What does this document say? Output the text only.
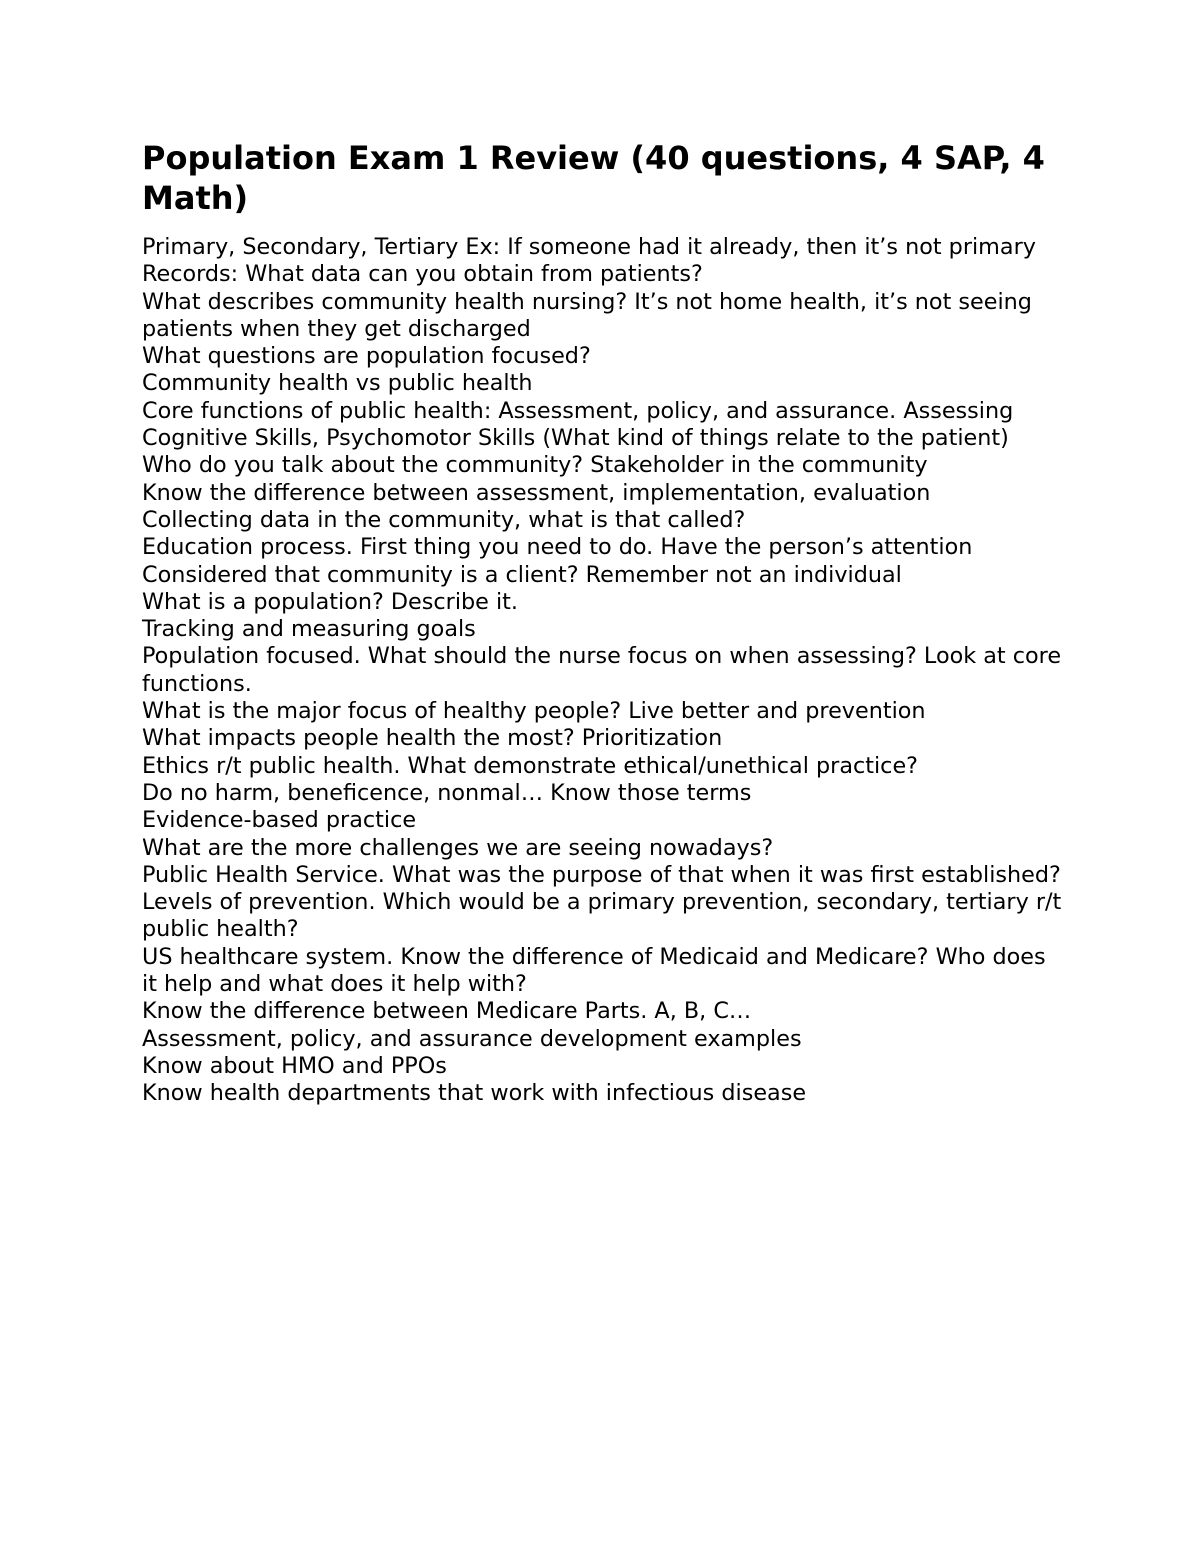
Population Exam 1 Review (40 questions, 4 SAP, 4 Math)

Primary, Secondary, Tertiary Ex: If someone had it already, then it’s not primary

Records: What data can you obtain from patients?

What describes community health nursing? It’s not home health, it’s not seeing patients when they get discharged

What questions are population focused?

Community health vs public health

Core functions of public health: Assessment, policy, and assurance. Assessing

Cognitive Skills, Psychomotor Skills (What kind of things relate to the patient)

Who do you talk about the community? Stakeholder in the community

Know the difference between assessment, implementation, evaluation

Collecting data in the community, what is that called?

Education process. First thing you need to do. Have the person’s attention

Considered that community is a client? Remember not an individual

What is a population? Describe it.

Tracking and measuring goals

Population focused. What should the nurse focus on when assessing? Look at core functions.

What is the major focus of healthy people? Live better and prevention

What impacts people health the most? Prioritization

Ethics r/t public health. What demonstrate ethical/unethical practice?

Do no harm, beneficence, nonmal… Know those terms

Evidence-based practice

What are the more challenges we are seeing nowadays?

Public Health Service. What was the purpose of that when it was first established?

Levels of prevention. Which would be a primary prevention, secondary, tertiary r/t public health?

US healthcare system. Know the difference of Medicaid and Medicare? Who does it help and what does it help with?

Know the difference between Medicare Parts. A, B, C…

Assessment, policy, and assurance development examples

Know about HMO and PPOs

Know health departments that work with infectious disease
